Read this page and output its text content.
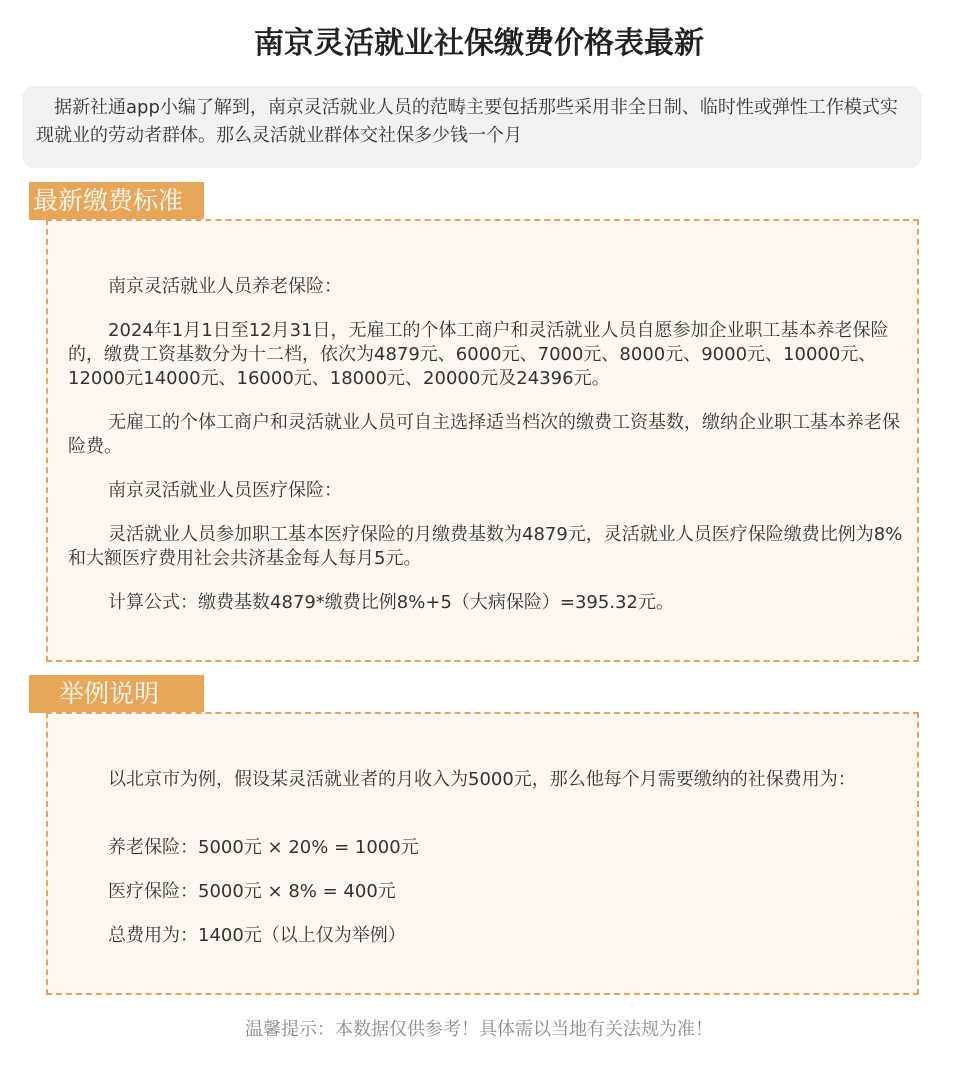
南京灵活就业社保缴费价格表最新
据新社通app小编了解到，南京灵活就业人员的范畴主要包括那些采用非全日制、临时性或弹性工作模式实现就业的劳动者群体。那么灵活就业群体交社保多少钱一个月
最新缴费标准

南京灵活就业人员养老保险：

2024年1月1日至12月31日，无雇工的个体工商户和灵活就业人员自愿参加企业职工基本养老保险的，缴费工资基数分为十二档，依次为4879元、6000元、7000元、8000元、9000元、10000元、12000元14000元、16000元、18000元、20000元及24396元。

无雇工的个体工商户和灵活就业人员可自主选择适当档次的缴费工资基数，缴纳企业职工基本养老保险费。

南京灵活就业人员医疗保险：

灵活就业人员参加职工基本医疗保险的月缴费基数为4879元，灵活就业人员医疗保险缴费比例为8%和大额医疗费用社会共济基金每人每月5元。

计算公式：缴费基数4879*缴费比例8%+5（大病保险）=395.32元。

举例说明

以北京市为例，假设某灵活就业者的月收入为5000元，那么他每个月需要缴纳的社保费用为：

养老保险：5000元 × 20% = 1000元

医疗保险：5000元 × 8% = 400元

总费用为：1400元（以上仅为举例）

温馨提示：本数据仅供参考！具体需以当地有关法规为准！
